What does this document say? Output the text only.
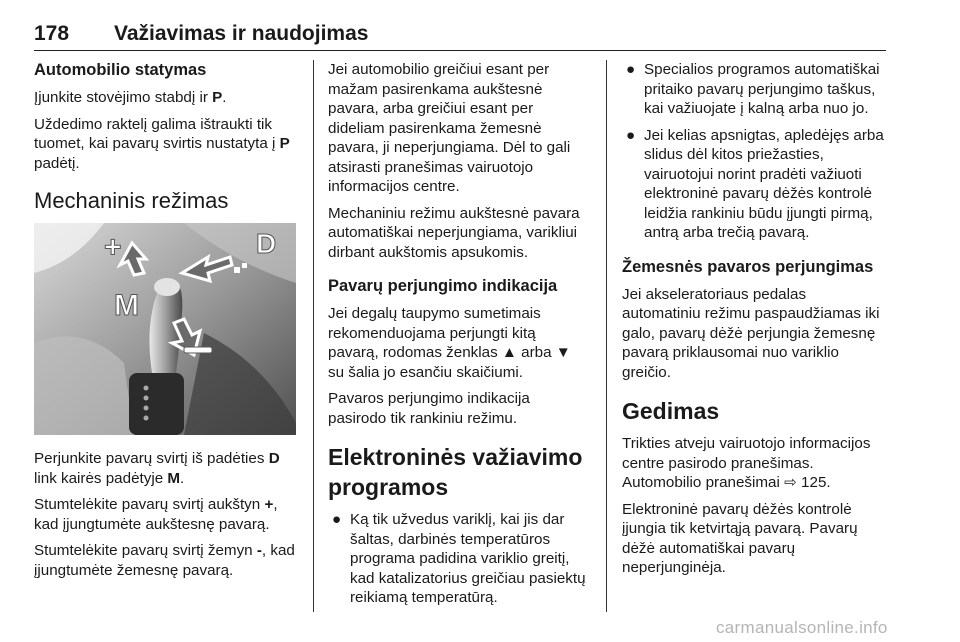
178 Važiavimas ir naudojimas
Automobilio statymas

Įjunkite stovėjimo stabdį ir P.

Uždedimo raktelį galima ištraukti tik tuomet, kai pavarų svirtis nustatyta į P padėtį.

Mechaninis režimas
+	D
M

Perjunkite pavarų svirtį iš padėties D link kairės padėtyje M.

Stumtelėkite pavarų svirtį aukštyn +, kad įjungtumėte aukštesnę pavarą.

Stumtelėkite pavarų svirtį žemyn -, kad įjungtumėte žemesnę pavarą.

Jei automobilio greičiui esant per mažam pasirenkama aukštesnė pavara, arba greičiui esant per dideliam pasirenkama žemesnė pavara, ji neperjungiama. Dėl to gali atsirasti pranešimas vairuotojo informacijos centre.

Mechaniniu režimu aukštesnė pavara automatiškai neperjungiama, varikliui dirbant aukštomis apsukomis.

Pavarų perjungimo indikacija

Jei degalų taupymo sumetimais rekomenduojama perjungti kitą pavarą, rodomas ženklas ▲ arba ▼ su šalia jo esančiu skaičiumi.

Pavaros perjungimo indikacija pasirodo tik rankiniu režimu.

Elektroninės važiavimo programos
● Ką tik užvedus variklį, kai jis dar šaltas, darbinės temperatūros programa padidina variklio greitį, kad katalizatorius greičiau pasiektų reikiamą temperatūrą.
● Specialios programos automatiškai pritaiko pavarų perjungimo taškus, kai važiuojate į kalną arba nuo jo.
● Jei kelias apsnigtas, apledėjęs arba slidus dėl kitos priežasties, vairuotojui norint pradėti važiuoti elektroninė pavarų dėžės kontrolė leidžia rankiniu būdu įjungti pirmą, antrą arba trečią pavarą.
Žemesnės pavaros perjungimas

Jei akseleratoriaus pedalas automatiniu režimu paspaudžiamas iki galo, pavarų dėžė perjungia žemesnę pavarą priklausomai nuo variklio greičio.

Gedimas

Trikties atveju vairuotojo informacijos centre pasirodo pranešimas. Automobilio pranešimai ⇨ 125.

Elektroninė pavarų dėžės kontrolė įjungia tik ketvirtąją pavarą. Pavarų dėžė automatiškai pavarų neperjunginėja.

carmanualsonline.info
